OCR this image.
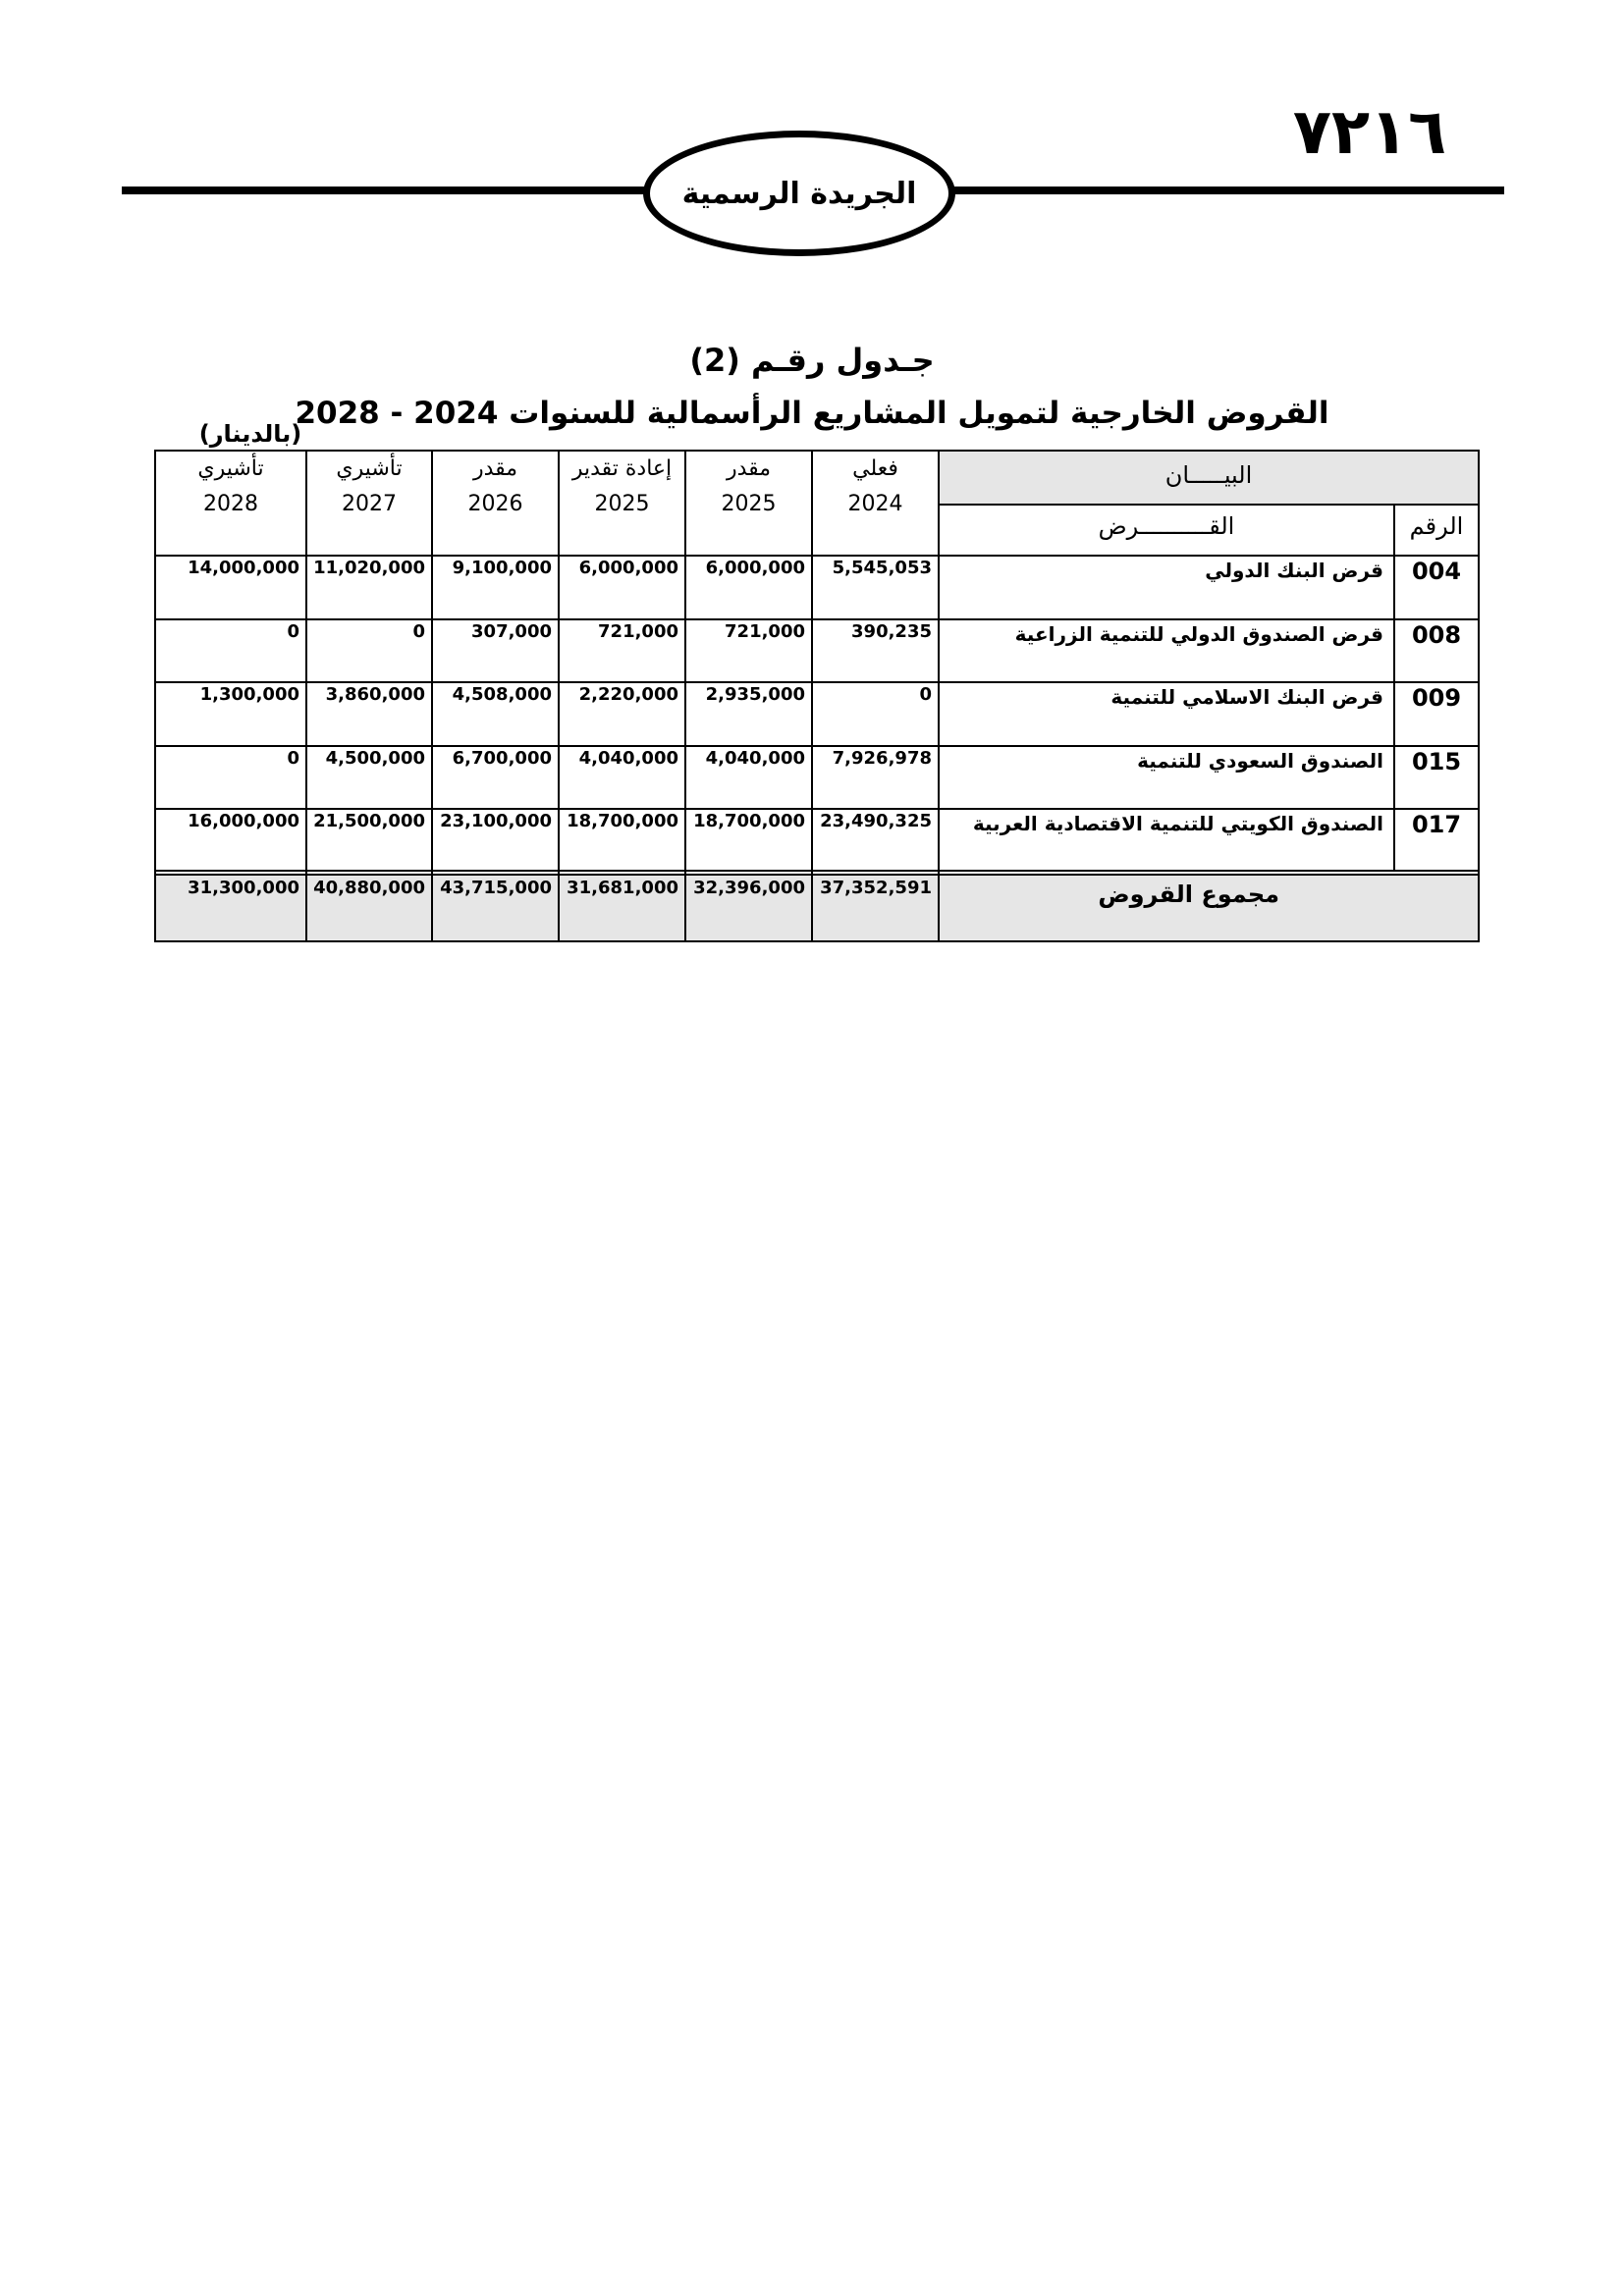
٧٢١٦
الجريدة الرسمية
جـدول رقـم (2)
القروض الخارجية لتمويل المشاريع الرأسمالية للسنوات 2024 - 2028
(بالدينار)
فعلي
2024
مقدر
2025
إعادة تقدير
2025
مقدر
2026
تأشيري
2027
تأشيري
2028
البيـــــان
القــــــــــرض	الرقم
004
قرض البنك الدولي
5,545,053
6,000,000
6,000,000
9,100,000
11,020,000
14,000,000
008
قرض الصندوق الدولي للتنمية الزراعية
390,235
721,000
721,000
307,000
0
0
009
قرض البنك الاسلامي للتنمية
0
2,935,000
2,220,000
4,508,000
3,860,000
1,300,000
015
الصندوق السعودي للتنمية
7,926,978
4,040,000
4,040,000
6,700,000
4,500,000
0
017
الصندوق الكويتي للتنمية الاقتصادية العربية
23,490,325
18,700,000
18,700,000
23,100,000
21,500,000
16,000,000
مجموع القروض
37,352,591
32,396,000
31,681,000
43,715,000
40,880,000
31,300,000
